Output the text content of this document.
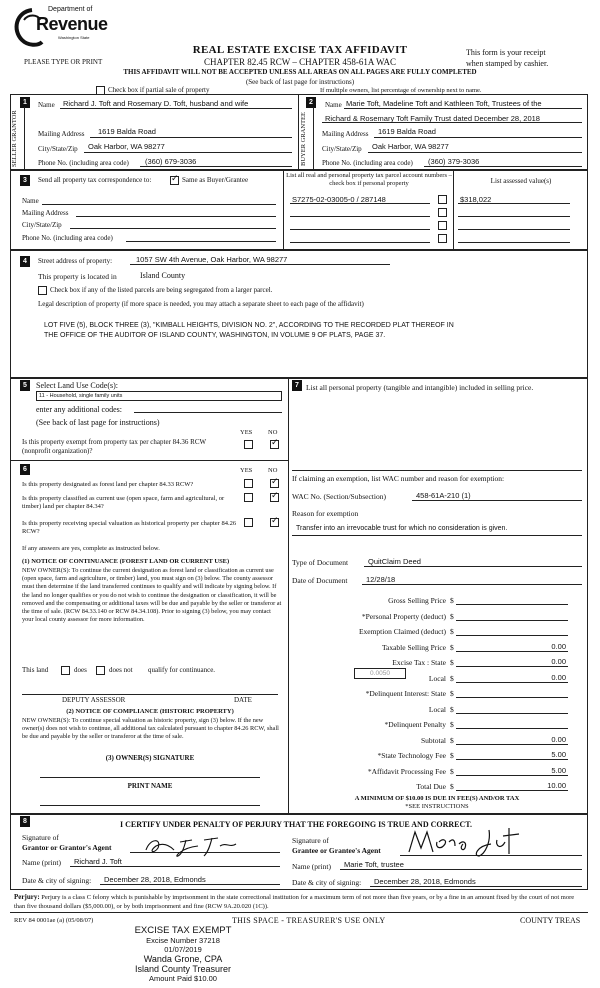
Department of
Revenue
Washington State
PLEASE TYPE OR PRINT
REAL ESTATE EXCISE TAX AFFIDAVIT
CHAPTER 82.45 RCW – CHAPTER 458-61A WAC
This form is your receipt
when stamped by cashier.
THIS AFFIDAVIT WILL NOT BE ACCEPTED UNLESS ALL AREAS ON ALL PAGES ARE FULLY COMPLETED
(See back of last page for instructions)
Check box if partial sale of property	If multiple owners, list percentage of ownership next to name.
1
SELLER GRANTOR
Name Richard J. Toft and Rosemary D. Toft, husband and wife
Mailing Address 1619 Balda Road
City/State/Zip Oak Harbor, WA 98277
Phone No. (including area code) (360) 679-3036
2
BUYER GRANTEE
Name Marie Toft, Madeline Toft and Kathleen Toft, Trustees of the
Richard & Rosemary Toft Family Trust dated December 28, 2018
Mailing Address 1619 Balda Road
City/State/Zip Oak Harbor, WA 98277
Phone No. (including area code) (360) 379-3036
3	Send all property tax correspondence to:
✓	Same as Buyer/Grantee
Name
Mailing Address
City/State/Zip
Phone No. (including area code)
List all real and personal property tax parcel account numbers – check box if personal property	List assessed value(s)
S7275-02-03005-0 / 287148	$318,022
4	Street address of property:	1057 SW 4th Avenue, Oak Harbor, WA 98277
This property is located in	Island County
Check box if any of the listed parcels are being segregated from a larger parcel.
Legal description of property (if more space is needed, you may attach a separate sheet to each page of the affidavit)
LOT FIVE (5), BLOCK THREE (3), "KIMBALL HEIGHTS, DIVISION NO. 2", ACCORDING TO THE RECORDED PLAT THEREOF IN
THE OFFICE OF THE AUDITOR OF ISLAND COUNTY, WASHINGTON, IN VOLUME 9 OF PLATS, PAGE 37.
5	Select Land Use Code(s):
11 - Household, single family units
enter any additional codes:
(See back of last page for instructions)
YES NO
Is this property exempt from property tax per chapter 84.36 RCW (nonprofit organization)?
✓
6	YES NO
Is this property designated as forest land per chapter 84.33 RCW?
✓
Is this property classified as current use (open space, farm and agricultural, or timber) land per chapter 84.34?
✓
Is this property receiving special valuation as historical property per chapter 84.26 RCW?
✓
If any answers are yes, complete as instructed below.
(1) NOTICE OF CONTINUANCE (FOREST LAND OR CURRENT USE)
NEW OWNER(S): To continue the current designation as forest land or classification as current use (open space, farm and agriculture, or timber) land, you must sign on (3) below. The county assessor must then determine if the land transferred continues to qualify and will indicate by signing below. If the land no longer qualifies or you do not wish to continue the designation or classification, it will be removed and the compensating or additional taxes will be due and payable by the seller or transferor at the time of sale. (RCW 84.33.140 or RCW 84.34.108). Prior to signing (3) below, you may contact your local county assessor for more information.
This land	does	does not qualify for continuance.
DEPUTY ASSESSOR	DATE
(2) NOTICE OF COMPLIANCE (HISTORIC PROPERTY)
NEW OWNER(S): To continue special valuation as historic property, sign (3) below. If the new owner(s) does not wish to continue, all additional tax calculated pursuant to chapter 84.26 RCW, shall be due and payable by the seller or transferor at the time of sale.
(3) OWNER(S) SIGNATURE
PRINT NAME
7 List all personal property (tangible and intangible) included in selling price.
If claiming an exemption, list WAC number and reason for exemption:
WAC No. (Section/Subsection)	458-61A-210 (1)
Reason for exemption
Transfer into an irrevocable trust for which no consideration is given.
Type of Document	QuitClaim Deed
Date of Document 12/28/18
Gross Selling Price $
*Personal Property (deduct) $
Exemption Claimed (deduct) $
Taxable Selling Price $	0.00
Excise Tax : State $	0.00
Local $	0.00
*Delinquent Interest: State $
Local $
*Delinquent Penalty $
Subtotal $	0.00
*State Technology Fee $	5.00
*Affidavit Processing Fee $	5.00
Total Due $	10.00
0.0050
A MINIMUM OF $10.00 IS DUE IN FEE(S) AND/OR TAX
*SEE INSTRUCTIONS
8	I CERTIFY UNDER PENALTY OF PERJURY THAT THE FOREGOING IS TRUE AND CORRECT.
Signature of
Grantor or Grantor's Agent
Name (print) Richard J. Toft
Date & city of signing: December 28, 2018, Edmonds
Signature of
Grantee or Grantee's Agent
Name (print) Marie Toft, trustee
Date & city of signing: December 28, 2018, Edmonds
Perjury: Perjury is a class C felony which is punishable by imprisonment in the state correctional institution for a maximum term of not more than five years, or by a fine in an amount fixed by the court of not more than five thousand dollars ($5,000.00), or by both imprisonment and fine (RCW 9A.20.020 (1C)).
REV 84 0001ae (a) (05/08/07)	THIS SPACE - TREASURER'S USE ONLY	COUNTY TREAS
EXCISE TAX EXEMPT
Excise Number 37218
01/07/2019
Wanda Grone, CPA
Island County Treasurer
Amount Paid $10.00
